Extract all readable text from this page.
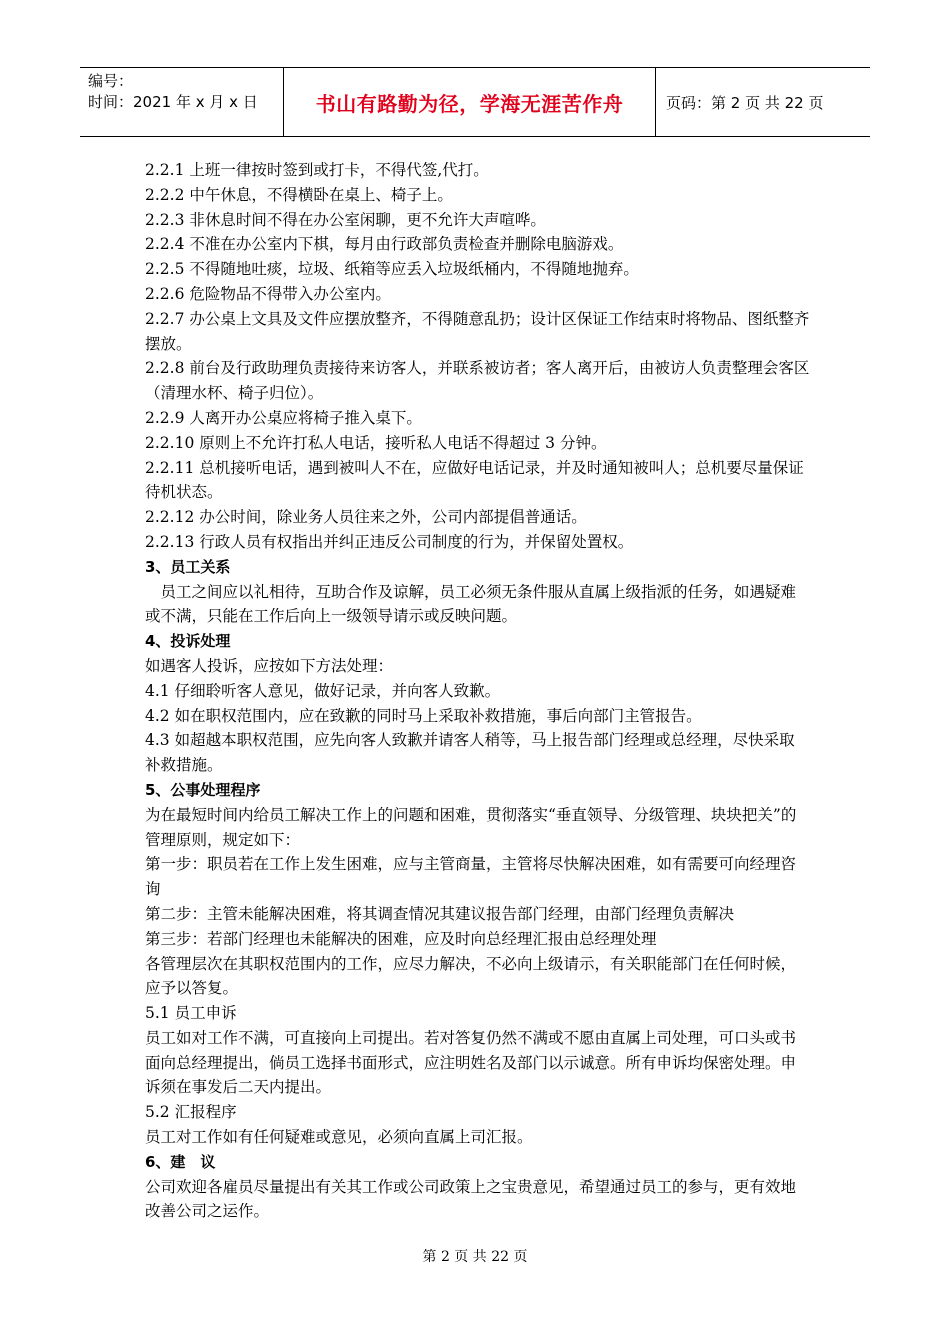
编号：
时间：2021 年 x 月 x 日	书山有路勤为径，学海无涯苦作舟	页码：第 2 页 共 22 页

2.2.1 上班一律按时签到或打卡，不得代签,代打。

2.2.2 中午休息，不得横卧在桌上、椅子上。

2.2.3 非休息时间不得在办公室闲聊，更不允许大声喧哗。

2.2.4 不准在办公室内下棋，每月由行政部负责检查并删除电脑游戏。

2.2.5 不得随地吐痰，垃圾、纸箱等应丢入垃圾纸桶内，不得随地抛弃。

2.2.6 危险物品不得带入办公室内。

2.2.7 办公桌上文具及文件应摆放整齐，不得随意乱扔；设计区保证工作结束时将物品、图纸整齐摆放。

2.2.8 前台及行政助理负责接待来访客人，并联系被访者；客人离开后，由被访人负责整理会客区（清理水杯、椅子归位）。

2.2.9 人离开办公桌应将椅子推入桌下。

2.2.10 原则上不允许打私人电话，接听私人电话不得超过 3 分钟。

2.2.11 总机接听电话，遇到被叫人不在，应做好电话记录，并及时通知被叫人；总机要尽量保证待机状态。

2.2.12 办公时间，除业务人员往来之外，公司内部提倡普通话。

2.2.13 行政人员有权指出并纠正违反公司制度的行为，并保留处置权。

3、员工关系

员工之间应以礼相待，互助合作及谅解，员工必须无条件服从直属上级指派的任务，如遇疑难或不满，只能在工作后向上一级领导请示或反映问题。

4、投诉处理

如遇客人投诉，应按如下方法处理：

4.1 仔细聆听客人意见，做好记录，并向客人致歉。

4.2 如在职权范围内，应在致歉的同时马上采取补救措施，事后向部门主管报告。

4.3 如超越本职权范围，应先向客人致歉并请客人稍等，马上报告部门经理或总经理，尽快采取补救措施。

5、公事处理程序

为在最短时间内给员工解决工作上的问题和困难，贯彻落实“垂直领导、分级管理、块块把关”的管理原则，规定如下：

第一步：职员若在工作上发生困难，应与主管商量，主管将尽快解决困难，如有需要可向经理咨询

第二步：主管未能解决困难，将其调查情况其建议报告部门经理，由部门经理负责解决

第三步：若部门经理也未能解决的困难，应及时向总经理汇报由总经理处理

各管理层次在其职权范围内的工作，应尽力解决，不必向上级请示，有关职能部门在任何时候，应予以答复。

5.1 员工申诉

员工如对工作不满，可直接向上司提出。若对答复仍然不满或不愿由直属上司处理，可口头或书面向总经理提出，倘员工选择书面形式，应注明姓名及部门以示诚意。所有申诉均保密处理。申诉须在事发后二天内提出。

5.2 汇报程序

员工对工作如有任何疑难或意见，必须向直属上司汇报。

6、建　议

公司欢迎各雇员尽量提出有关其工作或公司政策上之宝贵意见，希望通过员工的参与，更有效地改善公司之运作。

第 2 页 共 22 页
